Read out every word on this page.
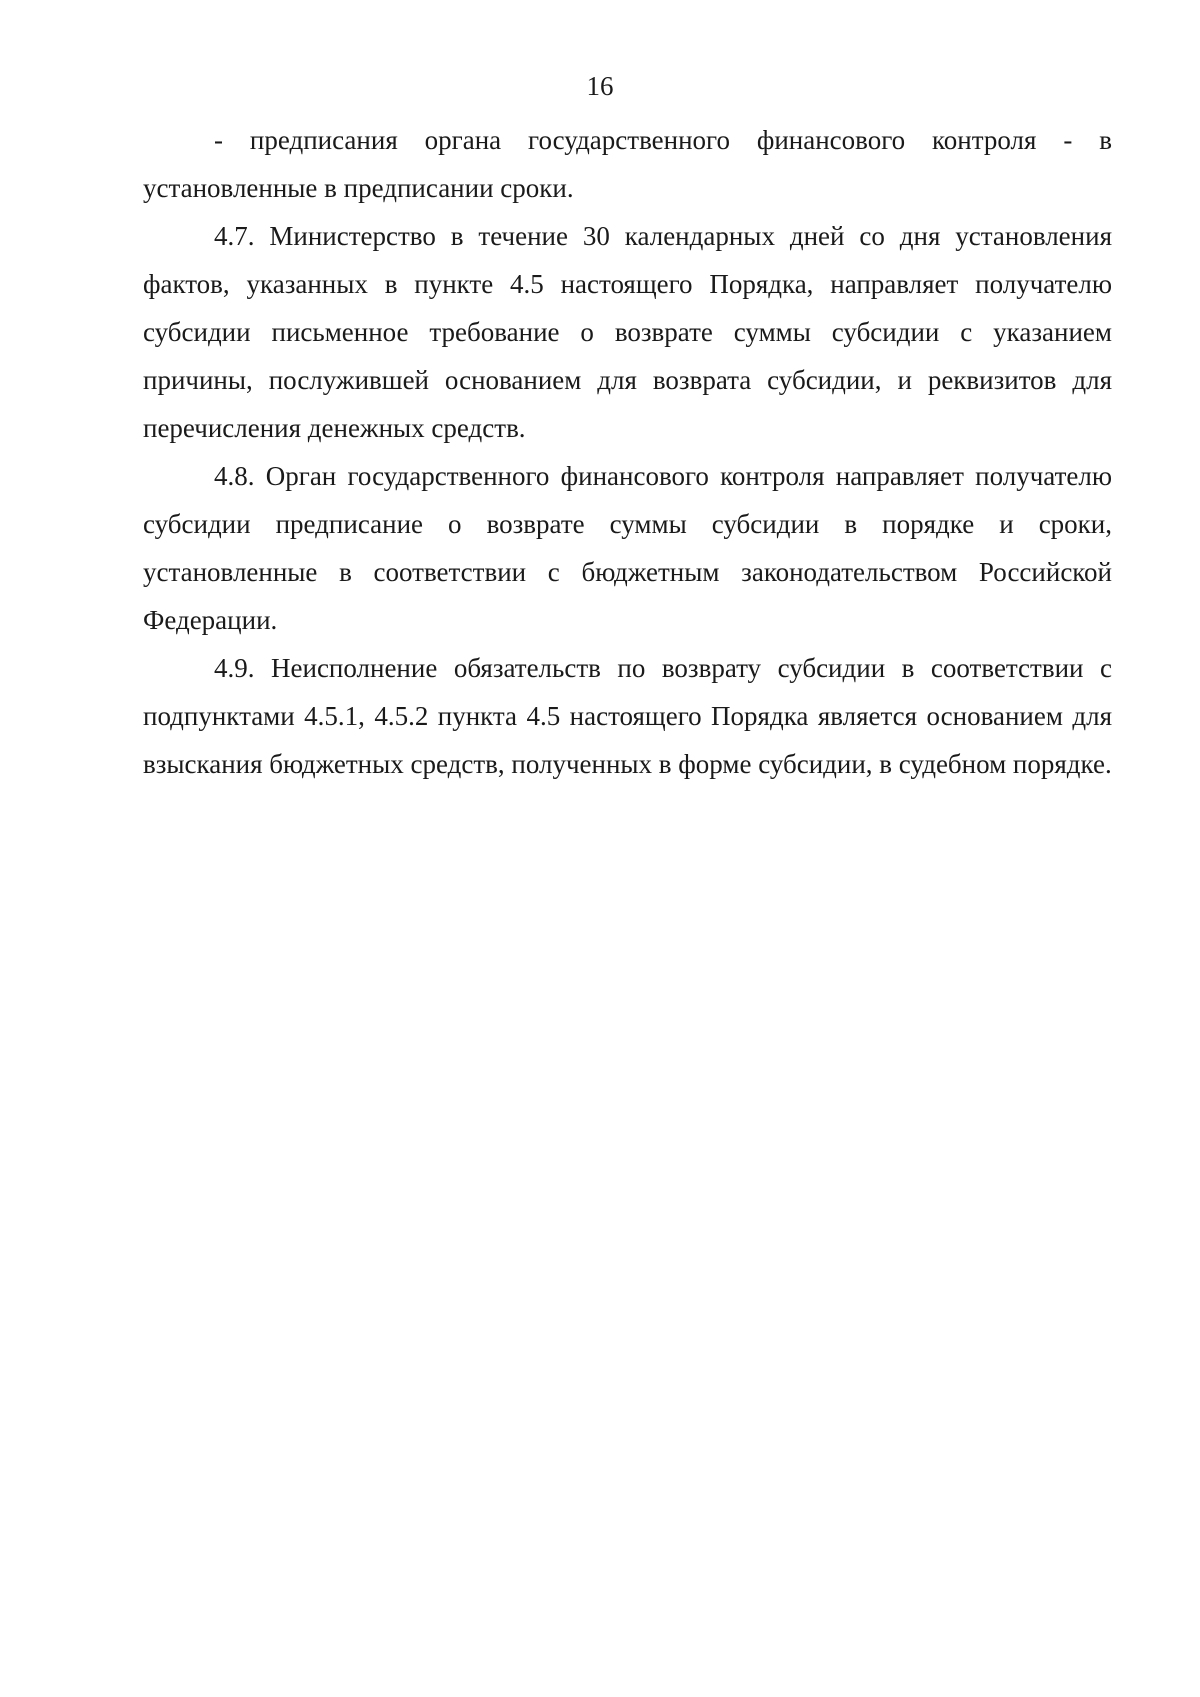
16

- предписания органа государственного финансового контроля - в установленные в предписании сроки.

4.7. Министерство в течение 30 календарных дней со дня установления фактов, указанных в пункте 4.5 настоящего Порядка, направляет получателю субсидии письменное требование о возврате суммы субсидии с указанием причины, послужившей основанием для возврата субсидии, и реквизитов для перечисления денежных средств.

4.8. Орган государственного финансового контроля направляет получателю субсидии предписание о возврате суммы субсидии в порядке и сроки, установленные в соответствии с бюджетным законодательством Российской Федерации.

4.9. Неисполнение обязательств по возврату субсидии в соответствии с подпунктами 4.5.1, 4.5.2 пункта 4.5 настоящего Порядка является основанием для взыскания бюджетных средств, полученных в форме субсидии, в судебном порядке.
